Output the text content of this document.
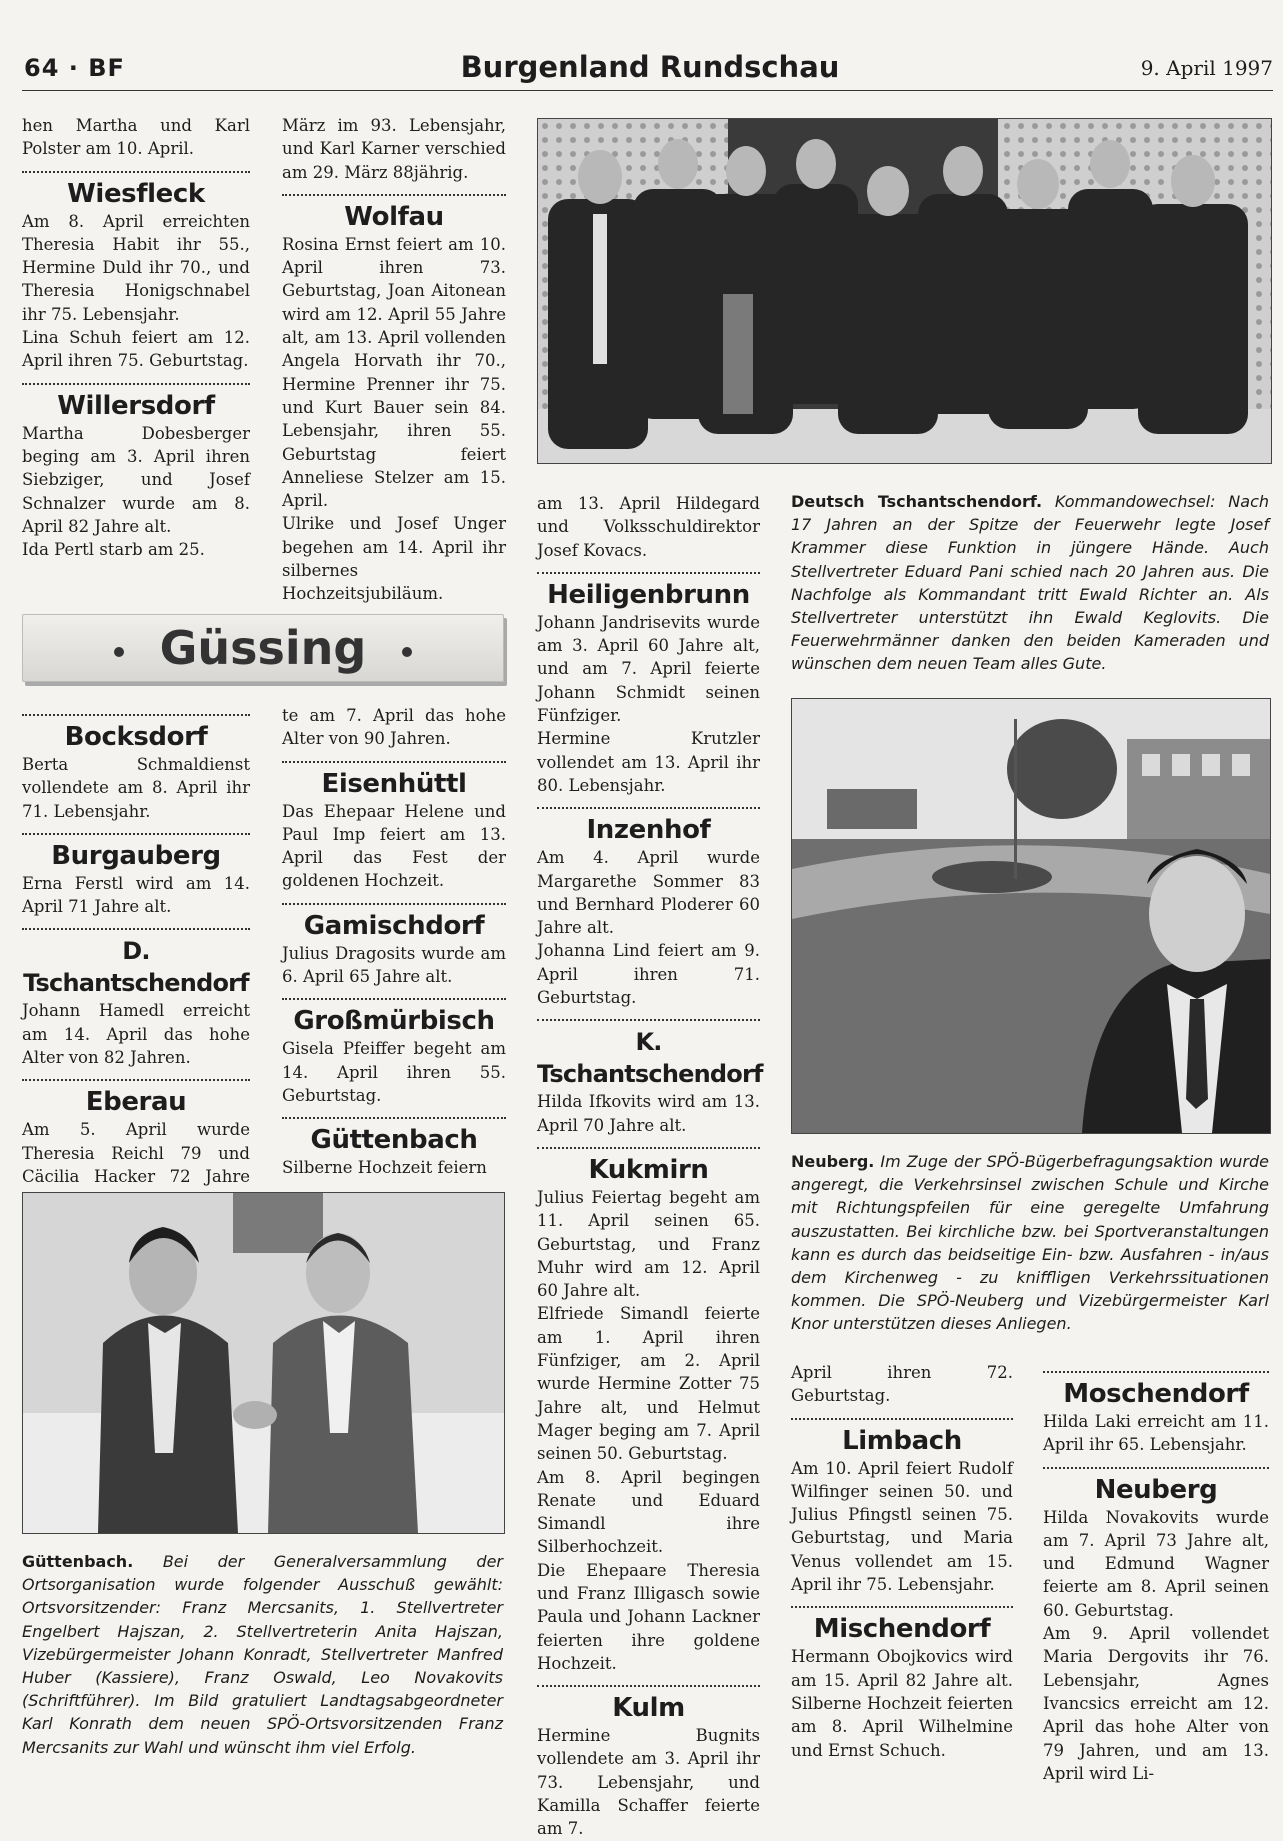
64 · BF	Burgenland Rundschau	9. April 1997

hen Martha und Karl Polster am 10. April.

Wiesfleck

Am 8. April erreichten Theresia Habit ihr 55., Hermine Duld ihr 70., und Theresia Honigschnabel ihr 75. Lebensjahr.

Lina Schuh feiert am 12. April ihren 75. Geburtstag.

Willersdorf

Martha Dobesberger beging am 3. April ihren Siebziger, und Josef Schnalzer wurde am 8. April 82 Jahre alt.

Ida Pertl starb am 25.

März im 93. Lebensjahr, und Karl Karner verschied am 29. März 88jährig.

Wolfau

Rosina Ernst feiert am 10. April ihren 73. Geburtstag, Joan Aitonean wird am 12. April 55 Jahre alt, am 13. April vollenden Angela Horvath ihr 70., Hermine Prenner ihr 75. und Kurt Bauer sein 84. Lebensjahr, ihren 55. Geburtstag feiert Anneliese Stelzer am 15. April.

Ulrike und Josef Unger begehen am 14. April ihr silbernes Hochzeitsjubiläum.

Güssing
Bocksdorf

Berta Schmaldienst vollendete am 8. April ihr 71. Lebensjahr.

Burgauberg

Erna Ferstl wird am 14. April 71 Jahre alt.

D. Tschantschendorf

Johann Hamedl erreicht am 14. April das hohe Alter von 82 Jahren.

Eberau

Am 5. April wurde Theresia Reichl 79 und Cäcilia Hacker 72 Jahre

te am 7. April das hohe Alter von 90 Jahren.

Eisenhüttl

Das Ehepaar Helene und Paul Imp feiert am 13. April das Fest der goldenen Hochzeit.

Gamischdorf

Julius Dragosits wurde am 6. April 65 Jahre alt.

Großmürbisch

Gisela Pfeiffer begeht am 14. April ihren 55. Geburtstag.

Güttenbach

Silberne Hochzeit feiern

am 13. April Hildegard und Volksschuldirektor Josef Kovacs.

Heiligenbrunn

Johann Jandrisevits wurde am 3. April 60 Jahre alt, und am 7. April feierte Johann Schmidt seinen Fünfziger.

Hermine Krutzler vollendet am 13. April ihr 80. Lebensjahr.

Inzenhof

Am 4. April wurde Margarethe Sommer 83 und Bernhard Ploderer 60 Jahre alt.

Johanna Lind feiert am 9. April ihren 71. Geburtstag.

K. Tschantschendorf

Hilda Ifkovits wird am 13. April 70 Jahre alt.

Kukmirn

Julius Feiertag begeht am 11. April seinen 65. Geburtstag, und Franz Muhr wird am 12. April 60 Jahre alt.

Elfriede Simandl feierte am 1. April ihren Fünfziger, am 2. April wurde Hermine Zotter 75 Jahre alt, und Helmut Mager beging am 7. April seinen 50. Geburtstag.

Am 8. April begingen Renate und Eduard Simandl ihre Silberhochzeit.

Die Ehepaare Theresia und Franz Illigasch sowie Paula und Johann Lackner feierten ihre goldene Hochzeit.

Kulm

Hermine Bugnits vollendete am 3. April ihr 73. Lebensjahr, und Kamilla Schaffer feierte am 7.

April ihren 72. Geburtstag.

Limbach

Am 10. April feiert Rudolf Wilfinger seinen 50. und Julius Pfingstl seinen 75. Geburtstag, und Maria Venus vollendet am 15. April ihr 75. Lebensjahr.

Mischendorf

Hermann Obojkovics wird am 15. April 82 Jahre alt. Silberne Hochzeit feierten am 8. April Wilhelmine und Ernst Schuch.

Moschendorf

Hilda Laki erreicht am 11. April ihr 65. Lebensjahr.

Neuberg

Hilda Novakovits wurde am 7. April 73 Jahre alt, und Edmund Wagner feierte am 8. April seinen 60. Geburtstag.

Am 9. April vollendet Maria Dergovits ihr 76. Lebensjahr, Agnes Ivancsics erreicht am 12. April das hohe Alter von 79 Jahren, und am 13. April wird Li-

Deutsch Tschantschendorf. Kommandowechsel: Nach 17 Jahren an der Spitze der Feuerwehr legte Josef Krammer diese Funktion in jüngere Hände. Auch Stellvertreter Eduard Pani schied nach 20 Jahren aus. Die Nachfolge als Kommandant tritt Ewald Richter an. Als Stellvertreter unterstützt ihn Ewald Keglovits. Die Feuerwehrmänner danken den beiden Kameraden und wünschen dem neuen Team alles Gute.
Neuberg. Im Zuge der SPÖ-Bügerbefragungsaktion wurde angeregt, die Verkehrsinsel zwischen Schule und Kirche mit Richtungspfeilen für eine geregelte Umfahrung auszustatten. Bei kirchliche bzw. bei Sportveranstaltungen kann es durch das beidseitige Ein- bzw. Ausfahren - in/aus dem Kirchenweg - zu kniffligen Verkehrssituationen kommen. Die SPÖ-Neuberg und Vizebürgermeister Karl Knor unterstützen dieses Anliegen.
Güttenbach. Bei der Generalversammlung der Ortsorganisation wurde folgender Ausschuß gewählt: Ortsvorsitzender: Franz Mercsanits, 1. Stellvertreter Engelbert Hajszan, 2. Stellvertreterin Anita Hajszan, Vizebürgermeister Johann Konradt, Stellvertreter Manfred Huber (Kassiere), Franz Oswald, Leo Novakovits (Schriftführer). Im Bild gratuliert Landtagsabgeordneter Karl Konrath dem neuen SPÖ-Ortsvorsitzenden Franz Mercsanits zur Wahl und wünscht ihm viel Erfolg.
